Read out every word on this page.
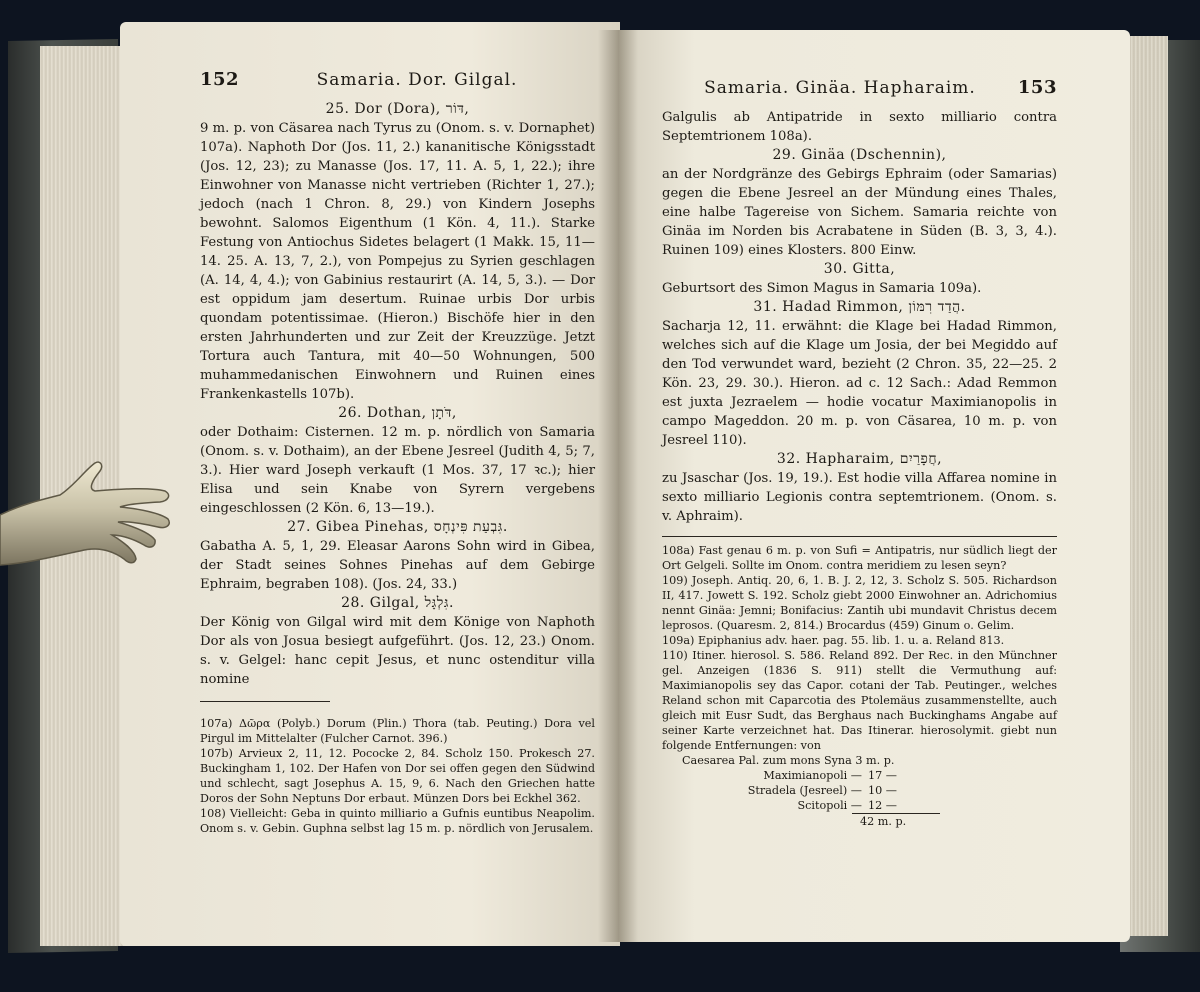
152	Samaria. Dor. Gilgal.

25. Dor (Dora), דּוֹר,

9 m. p. von Cäsarea nach Tyrus zu (Onom. s. v. Dornaphet) 107a). Naphoth Dor (Jos. 11, 2.) kananitische Königsstadt (Jos. 12, 23); zu Manasse (Jos. 17, 11. A. 5, 1, 22.); ihre Einwohner von Manasse nicht vertrieben (Richter 1, 27.); jedoch (nach 1 Chron. 8, 29.) von Kindern Josephs bewohnt. Salomos Eigenthum (1 Kön. 4, 11.). Starke Festung von Antiochus Sidetes belagert (1 Makk. 15, 11—14. 25. A. 13, 7, 2.), von Pompejus zu Syrien geschlagen (A. 14, 4, 4.); von Gabinius restaurirt (A. 14, 5, 3.). — Dor est oppidum jam desertum. Ruinae urbis Dor urbis quondam potentissimae. (Hieron.) Bischöfe hier in den ersten Jahrhunderten und zur Zeit der Kreuzzüge. Jetzt Tortura auch Tantura, mit 40—50 Wohnungen, 500 muhammedanischen Einwohnern und Ruinen eines Frankenkastells 107b).

26. Dothan, דֹּתָן,

oder Dothaim: Cisternen. 12 m. p. nördlich von Samaria (Onom. s. v. Dothaim), an der Ebene Jesreel (Judith 4, 5; 7, 3.). Hier ward Joseph verkauft (1 Mos. 37, 17 ꝛc.); hier Elisa und sein Knabe von Syrern vergebens eingeschlossen (2 Kön. 6, 13—19.).

27. Gibea Pinehas, גִּבְעַת פִּינְחָס.

Gabatha A. 5, 1, 29. Eleasar Aarons Sohn wird in Gibea, der Stadt seines Sohnes Pinehas auf dem Gebirge Ephraim, begraben 108). (Jos. 24, 33.)

28. Gilgal, גִּלְגָּל.

Der König von Gilgal wird mit dem Könige von Naphoth Dor als von Josua besiegt aufgeführt. (Jos. 12, 23.) Onom. s. v. Gelgel: hanc cepit Jesus, et nunc ostenditur villa nomine

107a) Δῶρα (Polyb.) Dorum (Plin.) Thora (tab. Peuting.) Dora vel Pirgul im Mittelalter (Fulcher Carnot. 396.)

107b) Arvieux 2, 11, 12. Pococke 2, 84. Scholz 150. Prokesch 27. Buckingham 1, 102. Der Hafen von Dor sei offen gegen den Südwind und schlecht, sagt Josephus A. 15, 9, 6. Nach den Griechen hatte Doros der Sohn Neptuns Dor erbaut. Münzen Dors bei Eckhel 362.

108) Vielleicht: Geba in quinto milliario a Gufnis euntibus Neapolim. Onom s. v. Gebin. Guphna selbst lag 15 m. p. nördlich von Jerusalem.

Samaria. Ginäa. Hapharaim. 153

Galgulis ab Antipatride in sexto milliario contra Septemtrionem 108a).

29. Ginäa (Dschennin),

an der Nordgränze des Gebirgs Ephraim (oder Samarias) gegen die Ebene Jesreel an der Mündung eines Thales, eine halbe Tagereise von Sichem. Samaria reichte von Ginäa im Norden bis Acrabatene in Süden (B. 3, 3, 4.). Ruinen 109) eines Klosters. 800 Einw.

30. Gitta,

Geburtsort des Simon Magus in Samaria 109a).

31. Hadad Rimmon, הֲדַד רִמּוֹן.

Sacharja 12, 11. erwähnt: die Klage bei Hadad Rimmon, welches sich auf die Klage um Josia, der bei Megiddo auf den Tod verwundet ward, bezieht (2 Chron. 35, 22—25. 2 Kön. 23, 29. 30.). Hieron. ad c. 12 Sach.: Adad Remmon est juxta Jezraelem — hodie vocatur Maximianopolis in campo Mageddon. 20 m. p. von Cäsarea, 10 m. p. von Jesreel 110).

32. Hapharaim, חֲפָרַיִם,

zu Jsaschar (Jos. 19, 19.). Est hodie villa Affarea nomine in sexto milliario Legionis contra septemtrionem. (Onom. s. v. Aphraim).

108a) Fast genau 6 m. p. von Sufi = Antipatris, nur südlich liegt der Ort Gelgeli. Sollte im Onom. contra meridiem zu lesen seyn?

109) Joseph. Antiq. 20, 6, 1. B. J. 2, 12, 3. Scholz S. 505. Richardson II, 417. Jowett S. 192. Scholz giebt 2000 Einwohner an. Adrichomius nennt Ginäa: Jemni; Bonifacius: Zantih ubi mundavit Christus decem leprosos. (Quaresm. 2, 814.) Brocardus (459) Ginum o. Gelim.

109a) Epiphanius adv. haer. pag. 55. lib. 1. u. a. Reland 813.

110) Itiner. hierosol. S. 586. Reland 892. Der Rec. in den Münchner gel. Anzeigen (1836 S. 911) stellt die Vermuthung auf: Maximianopolis sey das Capor. cotani der Tab. Peutinger., welches Reland schon mit Caparcotia des Ptolemäus zusammenstellte, auch gleich mit Eusr Sudt, das Berghaus nach Buckinghams Angabe auf seiner Karte verzeichnet hat. Das Itinerar. hierosolymit. giebt nun folgende Entfernungen: von

Caesarea Pal. zum mons Syna 3 m. p.
Maximianopoli — 17 —
Stradela (Jesreel) — 10 —
Scitopoli — 12 —
42 m. p.
